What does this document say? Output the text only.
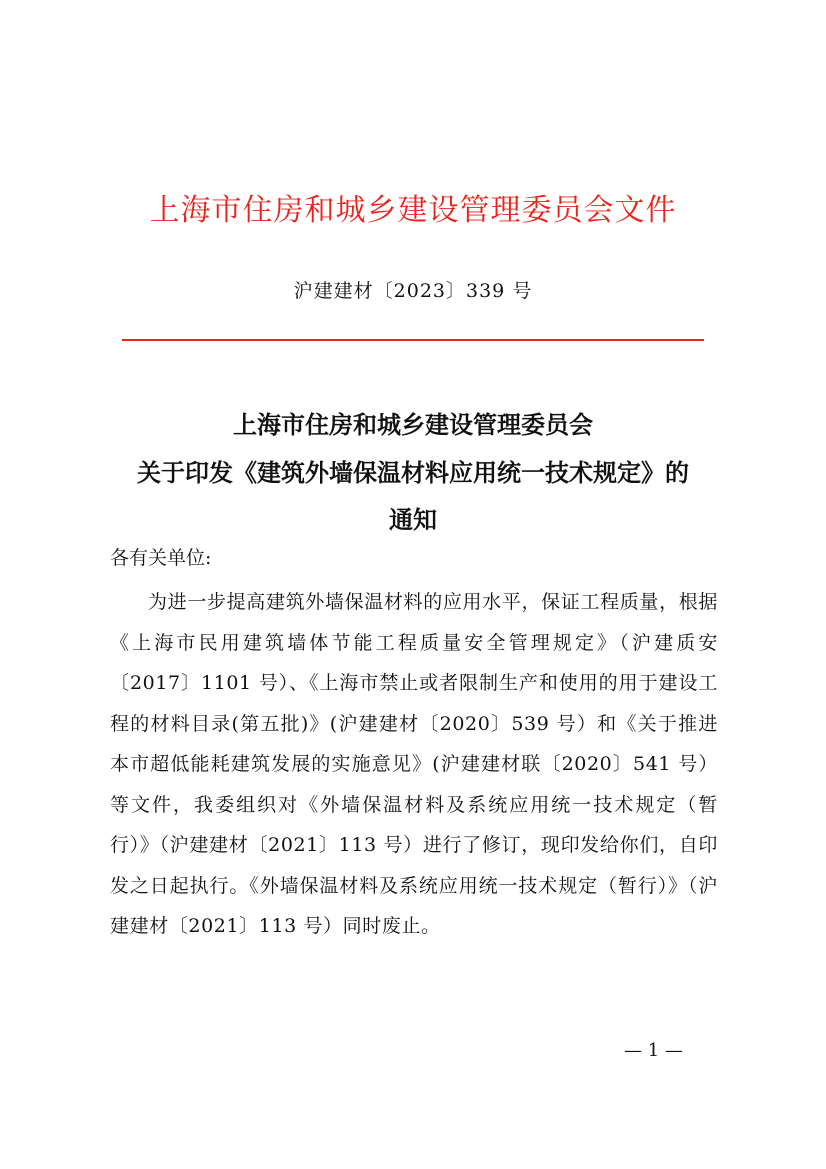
上海市住房和城乡建设管理委员会文件
沪建建材〔2023〕339 号
上海市住房和城乡建设管理委员会
关于印发《建筑外墙保温材料应用统一技术规定》的
通知
各有关单位:
为进一步提高建筑外墙保温材料的应用水平，保证工程质量，根据《上海市民用建筑墙体节能工程质量安全管理规定》（沪建质安〔2017〕1101 号）、《上海市禁止或者限制生产和使用的用于建设工程的材料目录(第五批)》(沪建建材〔2020〕539 号）和《关于推进本市超低能耗建筑发展的实施意见》(沪建建材联〔2020〕541 号）等文件，我委组织对《外墙保温材料及系统应用统一技术规定（暂行）》（沪建建材〔2021〕113 号）进行了修订，现印发给你们，自印发之日起执行。《外墙保温材料及系统应用统一技术规定（暂行）》（沪建建材〔2021〕113 号）同时废止。
— 1 —
